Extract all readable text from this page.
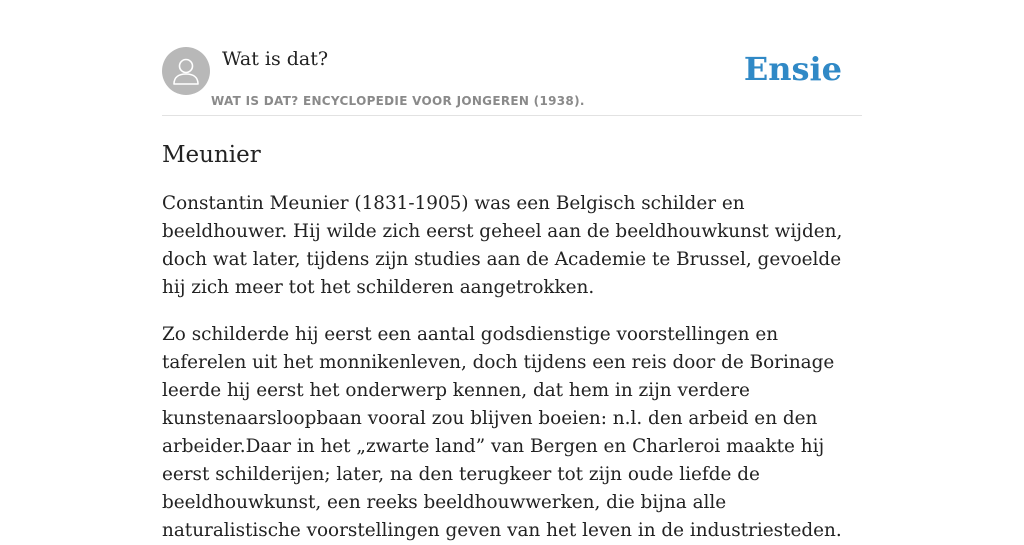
Wat is dat?
WAT IS DAT? ENCYCLOPEDIE VOOR JONGEREN (1938).
Ensie
Meunier

Constantin Meunier (1831-1905) was een Belgisch schilder en beeldhouwer. Hij wilde zich eerst geheel aan de beeldhouwkunst wijden, doch wat later, tijdens zijn studies aan de Academie te Brussel, gevoelde hij zich meer tot het schilderen aangetrokken.

Zo schilderde hij eerst een aantal godsdienstige voorstellingen en taferelen uit het monnikenleven, doch tijdens een reis door de Borinage leerde hij eerst het onderwerp kennen, dat hem in zijn verdere kunstenaarsloopbaan vooral zou blijven boeien: n.l. den arbeid en den arbeider.Daar in het „zwarte land” van Bergen en Charleroi maakte hij eerst schilderijen; later, na den terugkeer tot zijn oude liefde de beeldhouwkunst, een reeks beeldhouwwerken, die bijna alle naturalistische voorstellingen geven van het leven in de industriesteden.
